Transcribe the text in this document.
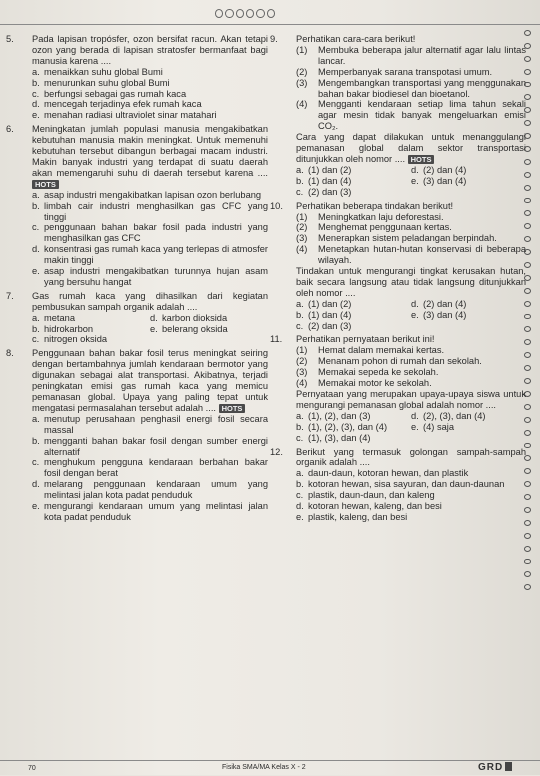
5.	Pada lapisan tropósfer, ozon bersifat racun. Akan tetapi ozon yang berada di lapisan stratosfer bermanfaat bagi manusia karena ....
a. menaikkan suhu global Bumi
b. menurunkan suhu global Bumi
c. berfungsi sebagai gas rumah kaca
d. mencegah terjadinya efek rumah kaca
e. menahan radiasi ultraviolet sinar matahari
6.	Meningkatan jumlah populasi manusia mengakibatkan kebutuhan manusia makin meningkat. Untuk memenuhi kebutuhan tersebut dibangun berbagai macam industri. Makin banyak industri yang terdapat di suatu daerah akan memengaruhi suhu di daerah tersebut karena .... HOTS
a. asap industri mengakibatkan lapisan ozon berlubang
b. limbah cair industri menghasilkan gas CFC yang tinggi
c. penggunaan bahan bakar fosil pada industri yang menghasilkan gas CFC
d. konsentrasi gas rumah kaca yang terlepas di atmosfer makin tinggi
e. asap industri mengakibatkan turunnya hujan asam yang bersuhu hangat
7.	Gas rumah kaca yang dihasilkan dari kegiatan pembusukan sampah organik adalah ....
a. metana	d. karbon dioksida
b. hidrokarbon	e. belerang oksida
c. nitrogen oksida
8.	Penggunaan bahan bakar fosil terus meningkat seiring dengan bertambahnya jumlah kendaraan bermotor yang digunakan sebagai alat transportasi. Akibatnya, terjadi peningkatan emisi gas rumah kaca yang memicu pemanasan global. Upaya yang paling tepat untuk mengatasi permasalahan tersebut adalah .... HOTS
a. menutup perusahaan penghasil energi fosil secara massal
b. mengganti bahan bakar fosil dengan sumber energi alternatif
c. menghukum pengguna kendaraan berbahan bakar fosil dengan berat
d. melarang penggunaan kendaraan umum yang melintasi jalan kota padat penduduk
e. mengurangi kendaraan umum yang melintasi jalan kota padat penduduk
9.	Perhatikan cara-cara berikut!
(1) Membuka beberapa jalur alternatif agar lalu lintas lancar.
(2) Memperbanyak sarana transpotasi umum.
(3) Mengembangkan transportasi yang menggunakan bahan bakar biodiesel dan bioetanol.
(4) Mengganti kendaraan setiap lima tahun sekali agar mesin tidak banyak mengeluarkan emisi CO₂.
Cara yang dapat dilakukan untuk menanggulangi pemanasan global dalam sektor transportasi ditunjukkan oleh nomor .... HOTS
a. (1) dan (2)	d. (2) dan (4)
b. (1) dan (4)	e. (3) dan (4)
c. (2) dan (3)
10.	Perhatikan beberapa tindakan berikut!
(1) Meningkatkan laju deforestasi.
(2) Menghemat penggunaan kertas.
(3) Menerapkan sistem peladangan berpindah.
(4) Menetapkan hutan-hutan konservasi di beberapa wilayah.
Tindakan untuk mengurangi tingkat kerusakan hutan, baik secara langsung atau tidak langsung ditunjukkan oleh nomor ....
a. (1) dan (2)	d. (2) dan (4)
b. (1) dan (4)	e. (3) dan (4)
c. (2) dan (3)
11.	Perhatikan pernyataan berikut ini!
(1) Hemat dalam memakai kertas.
(2) Menanam pohon di rumah dan sekolah.
(3) Memakai sepeda ke sekolah.
(4) Memakai motor ke sekolah.
Pernyataan yang merupakan upaya-upaya siswa untuk mengurangi pemanasan global adalah nomor ....
a. (1), (2), dan (3)	d. (2), (3), dan (4)
b. (1), (2), (3), dan (4)	e. (4) saja
c. (1), (3), dan (4)
12.	Berikut yang termasuk golongan sampah-sampah organik adalah ....
a. daun-daun, kotoran hewan, dan plastik
b. kotoran hewan, sisa sayuran, dan daun-daunan
c. plastik, daun-daun, dan kaleng
d. kotoran hewan, kaleng, dan besi
e. plastik, kaleng, dan besi
70	Fisika SMA/MA Kelas X - 2	GRD
